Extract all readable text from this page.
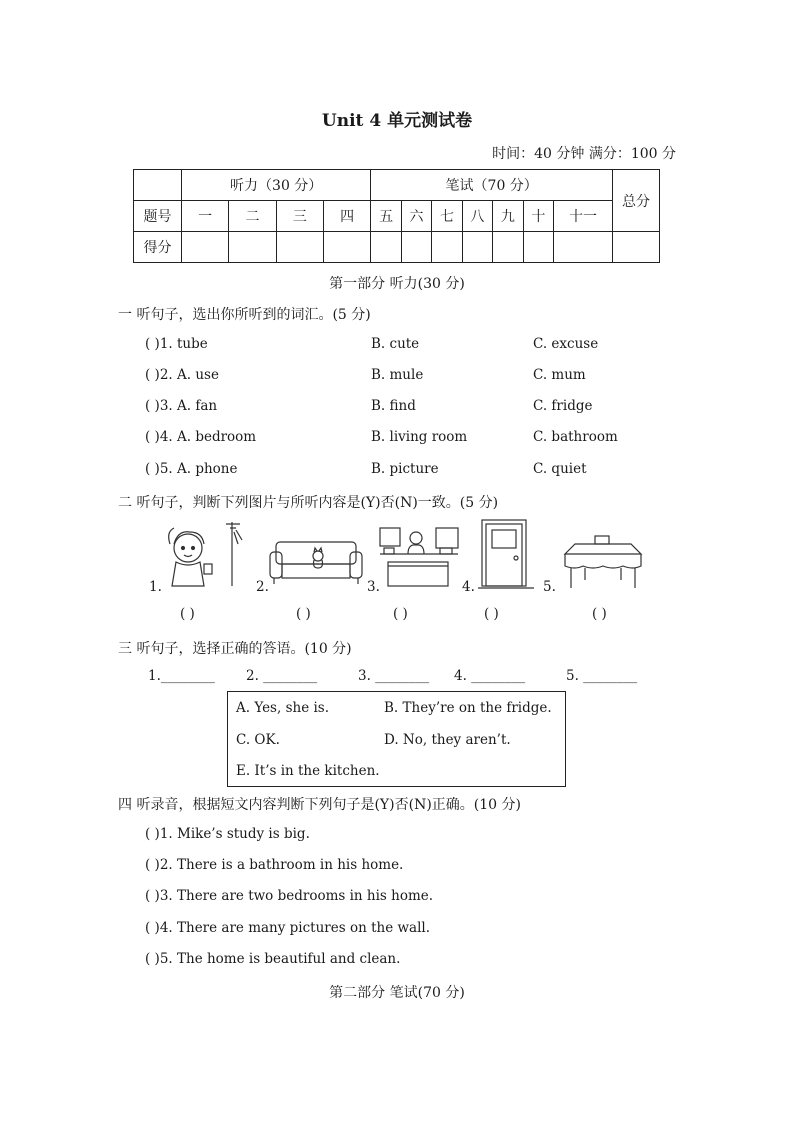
Unit 4 单元测试卷
时间：40 分钟 满分：100 分
	听力（30 分）				笔试（70 分）							总分
题号	一	二	三	四	五	六	七	八	九	十	十一	
得分												
第一部分 听力(30 分)
一 听句子，选出你所听到的词汇。(5 分)
( )1. tube	B. cute	C. excuse
( )2. A. use	B. mule	C. mum
( )3. A. fan	B. find	C. fridge
( )4. A. bedroom	B. living room	C. bathroom
( )5. A. phone	B. picture	C. quiet
二 听句子，判断下列图片与所听内容是(Y)否(N)一致。(5 分)
1.	2.	3.	4.	5.
( )	( )	( )	( )	( )
三 听句子，选择正确的答语。(10 分)
1.________ 2. ________	3. ________ 4. ________	5. ________
A. Yes, she is.	B. They’re on the fridge.
C. OK.	D. No, they aren’t.
E. It’s in the kitchen.
四 听录音，根据短文内容判断下列句子是(Y)否(N)正确。(10 分)
( )1. Mike’s study is big.
( )2. There is a bathroom in his home.
( )3. There are two bedrooms in his home.
( )4. There are many pictures on the wall.
( )5. The home is beautiful and clean.
第二部分 笔试(70 分)
